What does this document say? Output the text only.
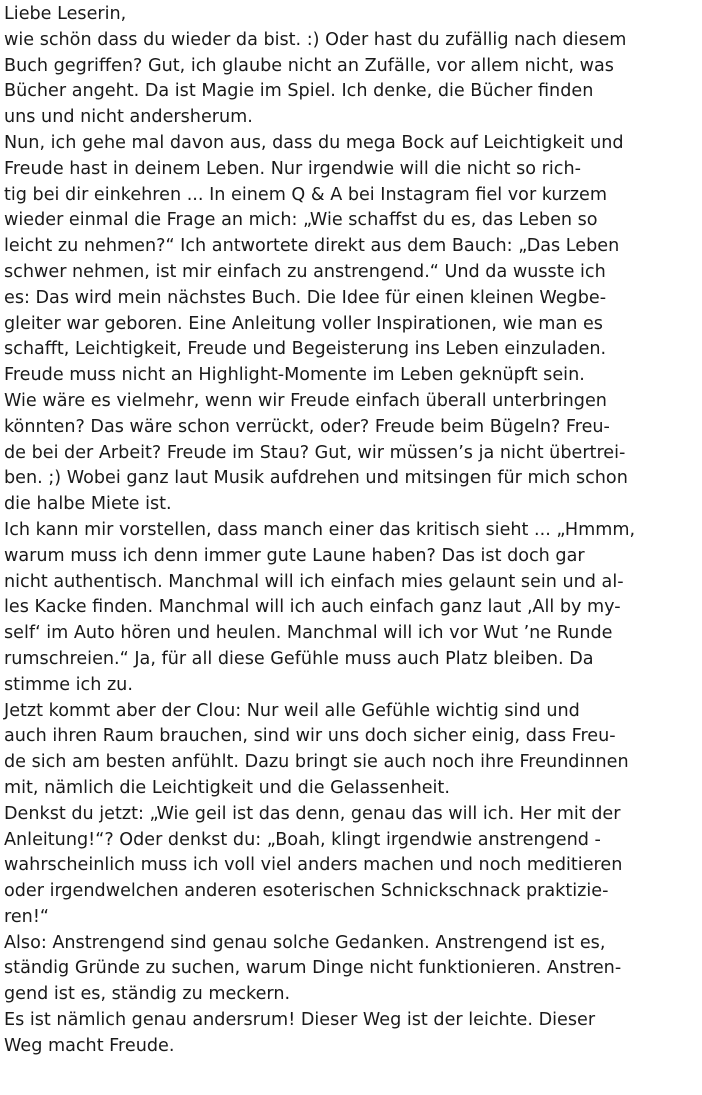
Liebe Leserin,
wie schön dass du wieder da bist. :) Oder hast du zufällig nach diesem
Buch gegriffen? Gut, ich glaube nicht an Zufälle, vor allem nicht, was
Bücher angeht. Da ist Magie im Spiel. Ich denke, die Bücher finden
uns und nicht andersherum.
Nun, ich gehe mal davon aus, dass du mega Bock auf Leichtigkeit und
Freude hast in deinem Leben. Nur irgendwie will die nicht so rich-
tig bei dir einkehren ... In einem Q & A bei Instagram fiel vor kurzem
wieder einmal die Frage an mich: „Wie schaffst du es, das Leben so
leicht zu nehmen?“ Ich antwortete direkt aus dem Bauch: „Das Leben
schwer nehmen, ist mir einfach zu anstrengend.“ Und da wusste ich
es: Das wird mein nächstes Buch. Die Idee für einen kleinen Wegbe-
gleiter war geboren. Eine Anleitung voller Inspirationen, wie man es
schafft, Leichtigkeit, Freude und Begeisterung ins Leben einzuladen.
Freude muss nicht an Highlight-Momente im Leben geknüpft sein.
Wie wäre es vielmehr, wenn wir Freude einfach überall unterbringen
könnten? Das wäre schon verrückt, oder? Freude beim Bügeln? Freu-
de bei der Arbeit? Freude im Stau? Gut, wir müssen’s ja nicht übertrei-
ben. ;) Wobei ganz laut Musik aufdrehen und mitsingen für mich schon
die halbe Miete ist.
Ich kann mir vorstellen, dass manch einer das kritisch sieht ... „Hmmm,
warum muss ich denn immer gute Laune haben? Das ist doch gar
nicht authentisch. Manchmal will ich einfach mies gelaunt sein und al-
les Kacke finden. Manchmal will ich auch einfach ganz laut ‚All by my-
self‘ im Auto hören und heulen. Manchmal will ich vor Wut ’ne Runde
rumschreien.“ Ja, für all diese Gefühle muss auch Platz bleiben. Da
stimme ich zu.
Jetzt kommt aber der Clou: Nur weil alle Gefühle wichtig sind und
auch ihren Raum brauchen, sind wir uns doch sicher einig, dass Freu-
de sich am besten anfühlt. Dazu bringt sie auch noch ihre Freundinnen
mit, nämlich die Leichtigkeit und die Gelassenheit.
Denkst du jetzt: „Wie geil ist das denn, genau das will ich. Her mit der
Anleitung!“? Oder denkst du: „Boah, klingt irgendwie anstrengend -
wahrscheinlich muss ich voll viel anders machen und noch meditieren
oder irgendwelchen anderen esoterischen Schnickschnack praktizie-
ren!“
Also: Anstrengend sind genau solche Gedanken. Anstrengend ist es,
ständig Gründe zu suchen, warum Dinge nicht funktionieren. Anstren-
gend ist es, ständig zu meckern.
Es ist nämlich genau andersrum! Dieser Weg ist der leichte. Dieser
Weg macht Freude.
